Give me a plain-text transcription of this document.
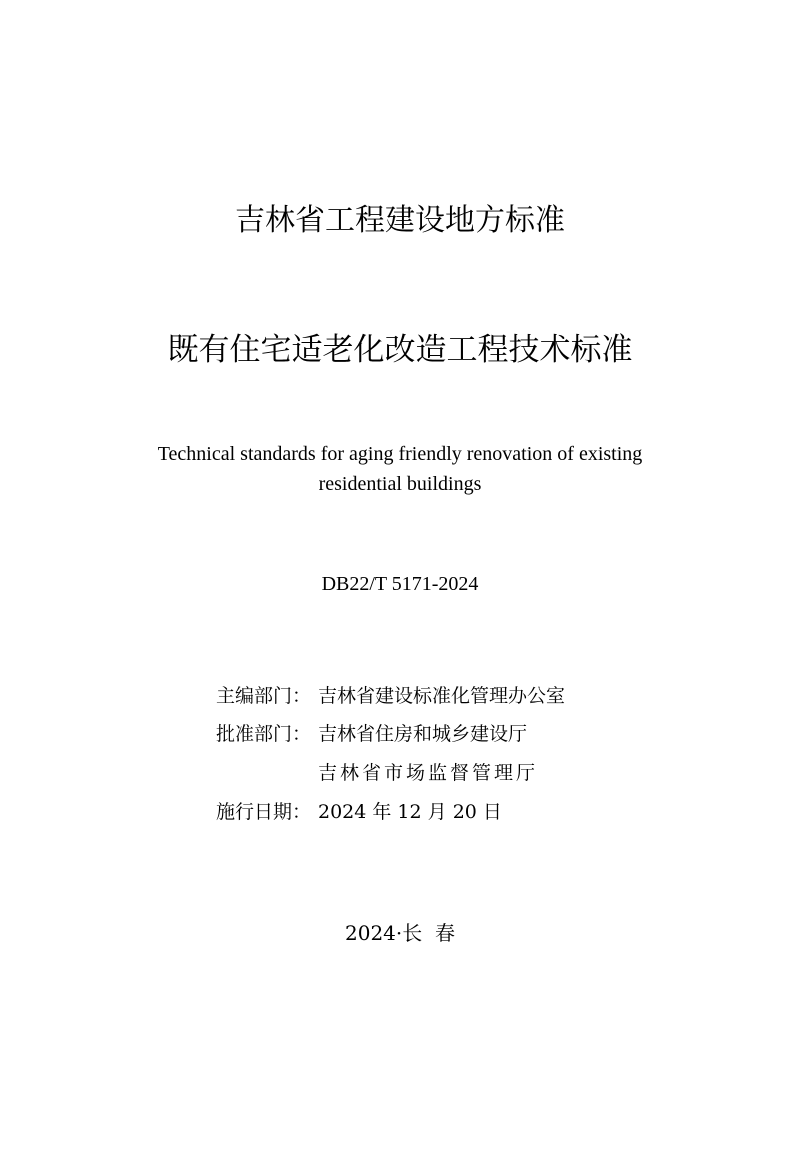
吉林省工程建设地方标准
既有住宅适老化改造工程技术标准
Technical standards for aging friendly renovation of existing
residential buildings
DB22/T 5171-2024
主编部门： 吉林省建设标准化管理办公室
批准部门： 吉林省住房和城乡建设厅
吉林省市场监督管理厅
施行日期： 2024 年 12 月 20 日
2024·长  春
